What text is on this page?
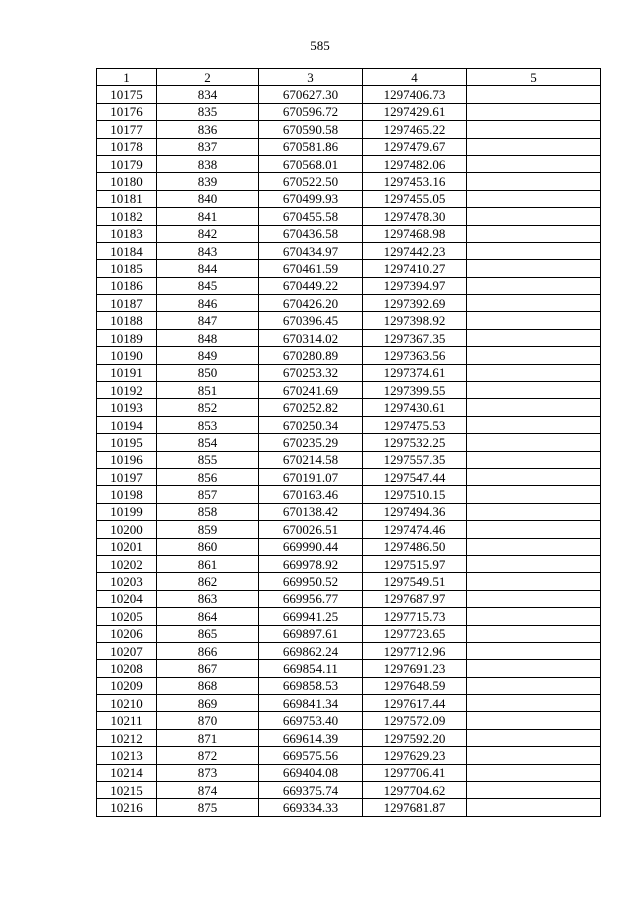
585
1	2	3	4	5
10175	834	670627.30	1297406.73	
10176	835	670596.72	1297429.61	
10177	836	670590.58	1297465.22	
10178	837	670581.86	1297479.67	
10179	838	670568.01	1297482.06	
10180	839	670522.50	1297453.16	
10181	840	670499.93	1297455.05	
10182	841	670455.58	1297478.30	
10183	842	670436.58	1297468.98	
10184	843	670434.97	1297442.23	
10185	844	670461.59	1297410.27	
10186	845	670449.22	1297394.97	
10187	846	670426.20	1297392.69	
10188	847	670396.45	1297398.92	
10189	848	670314.02	1297367.35	
10190	849	670280.89	1297363.56	
10191	850	670253.32	1297374.61	
10192	851	670241.69	1297399.55	
10193	852	670252.82	1297430.61	
10194	853	670250.34	1297475.53	
10195	854	670235.29	1297532.25	
10196	855	670214.58	1297557.35	
10197	856	670191.07	1297547.44	
10198	857	670163.46	1297510.15	
10199	858	670138.42	1297494.36	
10200	859	670026.51	1297474.46	
10201	860	669990.44	1297486.50	
10202	861	669978.92	1297515.97	
10203	862	669950.52	1297549.51	
10204	863	669956.77	1297687.97	
10205	864	669941.25	1297715.73	
10206	865	669897.61	1297723.65	
10207	866	669862.24	1297712.96	
10208	867	669854.11	1297691.23	
10209	868	669858.53	1297648.59	
10210	869	669841.34	1297617.44	
10211	870	669753.40	1297572.09	
10212	871	669614.39	1297592.20	
10213	872	669575.56	1297629.23	
10214	873	669404.08	1297706.41	
10215	874	669375.74	1297704.62	
10216	875	669334.33	1297681.87	
